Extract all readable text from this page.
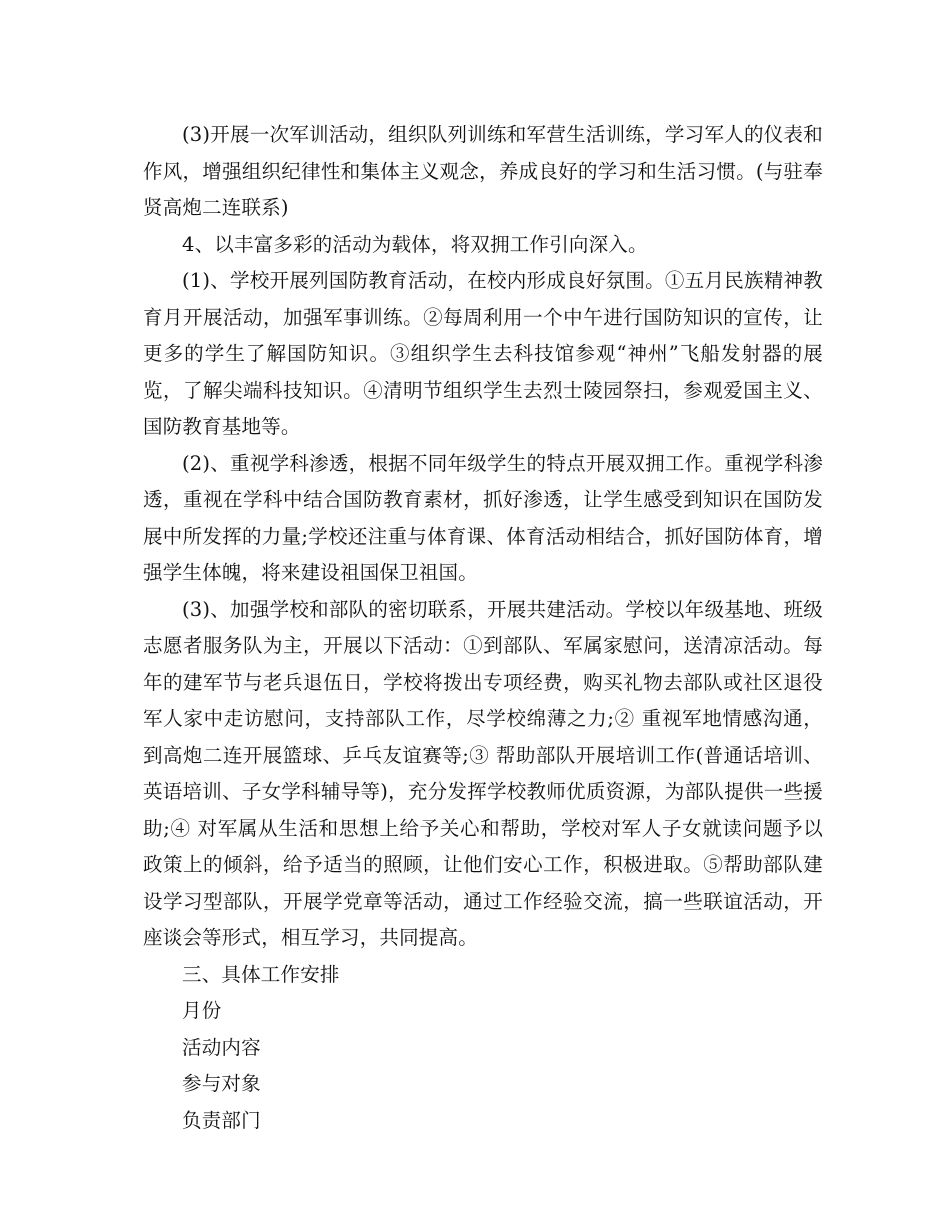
(3)开展一次军训活动，组织队列训练和军营生活训练，学习军人的仪表和作风，增强组织纪律性和集体主义观念，养成良好的学习和生活习惯。(与驻奉贤高炮二连联系)

4、以丰富多彩的活动为载体，将双拥工作引向深入。

(1)、学校开展列国防教育活动，在校内形成良好氛围。①五月民族精神教育月开展活动，加强军事训练。②每周利用一个中午进行国防知识的宣传，让更多的学生了解国防知识。③组织学生去科技馆参观“神州”飞船发射器的展览，了解尖端科技知识。④清明节组织学生去烈士陵园祭扫，参观爱国主义、国防教育基地等。

(2)、重视学科渗透，根据不同年级学生的特点开展双拥工作。重视学科渗透，重视在学科中结合国防教育素材，抓好渗透，让学生感受到知识在国防发展中所发挥的力量;学校还注重与体育课、体育活动相结合，抓好国防体育，增强学生体魄，将来建设祖国保卫祖国。

(3)、加强学校和部队的密切联系，开展共建活动。学校以年级基地、班级志愿者服务队为主，开展以下活动：①到部队、军属家慰问，送清凉活动。每年的建军节与老兵退伍日，学校将拨出专项经费，购买礼物去部队或社区退役军人家中走访慰问，支持部队工作，尽学校绵薄之力;② 重视军地情感沟通，到高炮二连开展篮球、乒乓友谊赛等;③ 帮助部队开展培训工作(普通话培训、英语培训、子女学科辅导等)，充分发挥学校教师优质资源，为部队提供一些援助;④ 对军属从生活和思想上给予关心和帮助，学校对军人子女就读问题予以政策上的倾斜，给予适当的照顾，让他们安心工作，积极进取。⑤帮助部队建设学习型部队，开展学党章等活动，通过工作经验交流，搞一些联谊活动，开座谈会等形式，相互学习，共同提高。

三、具体工作安排

月份

活动内容

参与对象

负责部门
